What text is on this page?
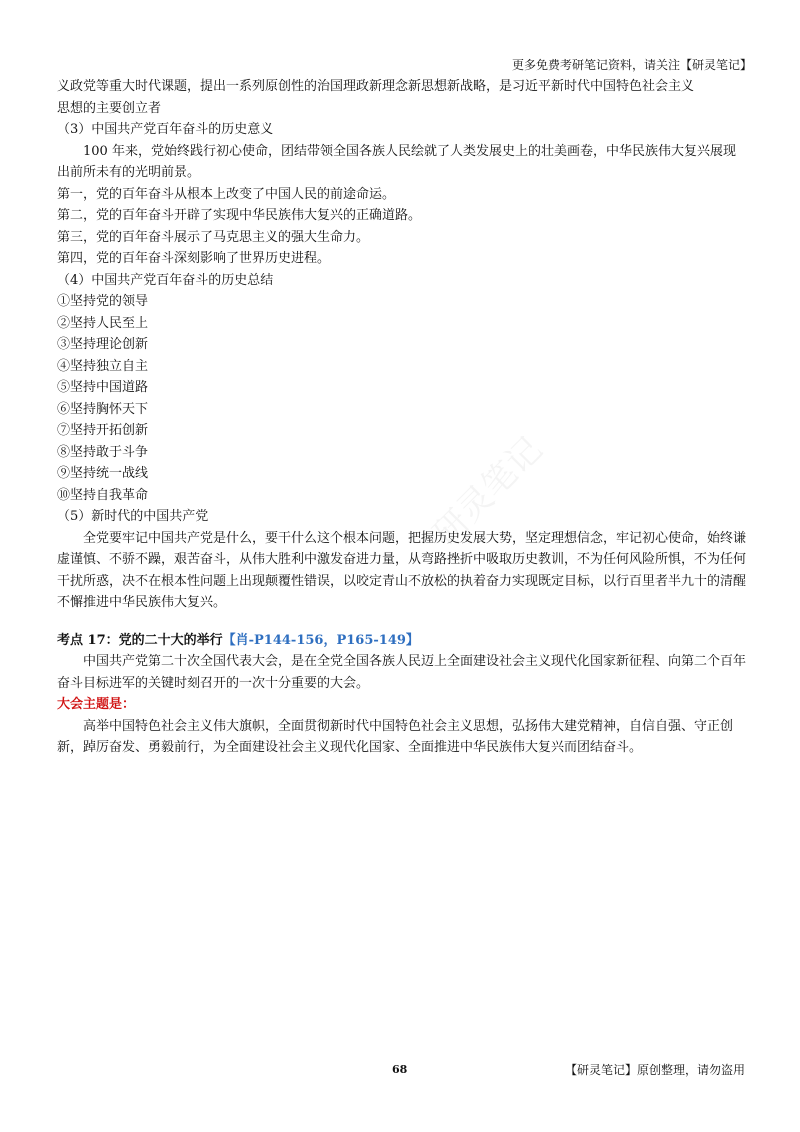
更多免费考研笔记资料，请关注【研灵笔记】
研灵笔记

义政党等重大时代课题，提出一系列原创性的治国理政新理念新思想新战略，是习近平新时代中国特色社会主义

思想的主要创立者

（3）中国共产党百年奋斗的历史意义

100 年来，党始终践行初心使命，团结带领全国各族人民绘就了人类发展史上的壮美画卷，中华民族伟大复兴展现出前所未有的光明前景。

第一，党的百年奋斗从根本上改变了中国人民的前途命运。

第二，党的百年奋斗开辟了实现中华民族伟大复兴的正确道路。

第三，党的百年奋斗展示了马克思主义的强大生命力。

第四，党的百年奋斗深刻影响了世界历史进程。

（4）中国共产党百年奋斗的历史总结

①坚持党的领导

②坚持人民至上

③坚持理论创新

④坚持独立自主

⑤坚持中国道路

⑥坚持胸怀天下

⑦坚持开拓创新

⑧坚持敢于斗争

⑨坚持统一战线

⑩坚持自我革命

（5）新时代的中国共产党

全党要牢记中国共产党是什么，要干什么这个根本问题，把握历史发展大势，坚定理想信念，牢记初心使命，始终谦虚谨慎、不骄不躁，艰苦奋斗，从伟大胜利中激发奋进力量，从弯路挫折中吸取历史教训，不为任何风险所惧，不为任何干扰所惑，决不在根本性问题上出现颠覆性错误，以咬定青山不放松的执着奋力实现既定目标，以行百里者半九十的清醒不懈推进中华民族伟大复兴。

考点 17：党的二十大的举行【肖-P144-156，P165-149】

中国共产党第二十次全国代表大会，是在全党全国各族人民迈上全面建设社会主义现代化国家新征程、向第二个百年奋斗目标进军的关键时刻召开的一次十分重要的大会。

大会主题是：

高举中国特色社会主义伟大旗帜，全面贯彻新时代中国特色社会主义思想，弘扬伟大建党精神，自信自强、守正创新，踔厉奋发、勇毅前行，为全面建设社会主义现代化国家、全面推进中华民族伟大复兴而团结奋斗。

68	【研灵笔记】原创整理，请勿盗用
